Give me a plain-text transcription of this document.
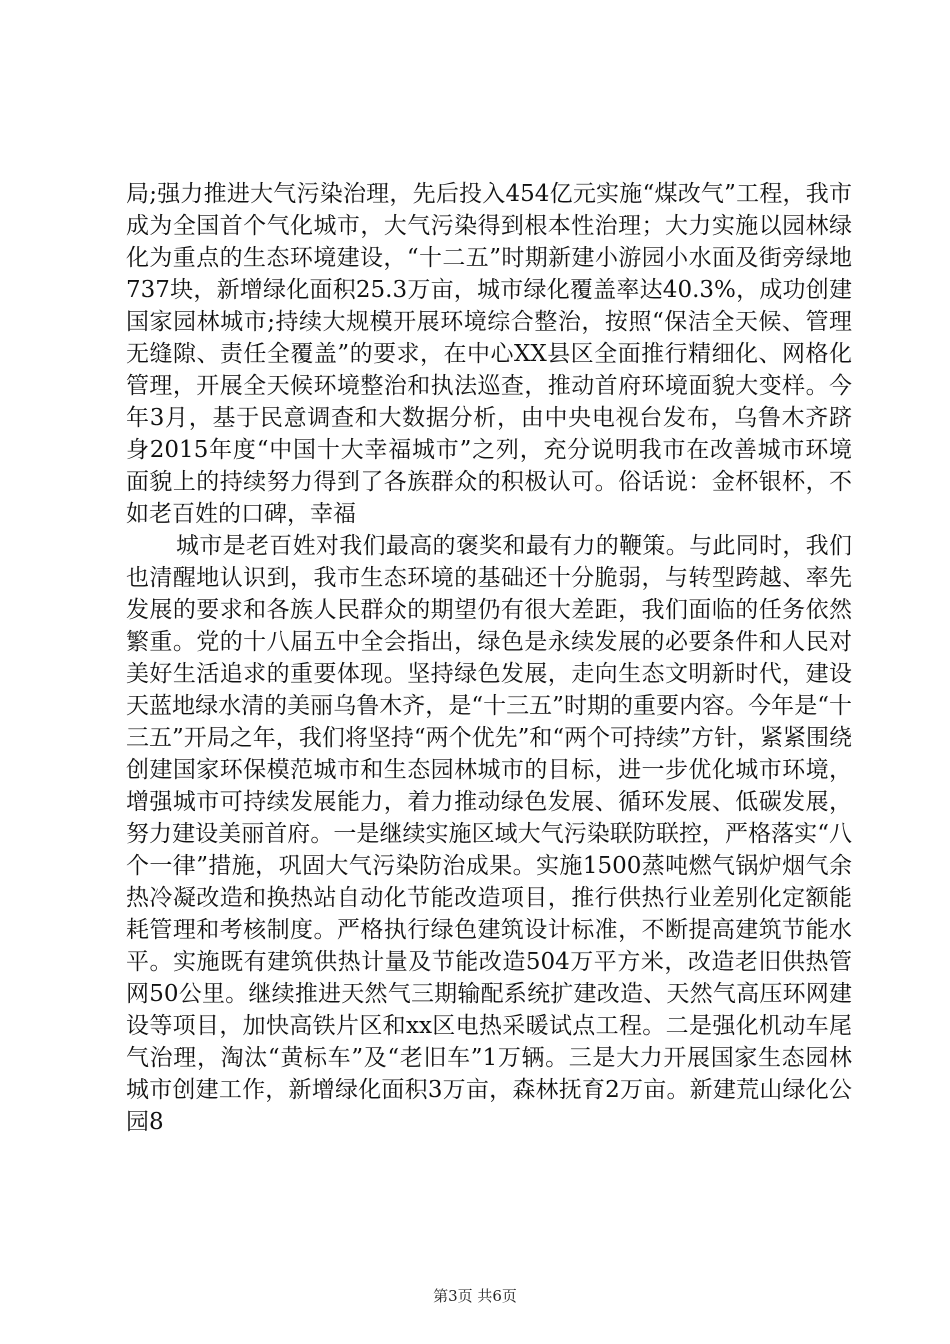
局;强力推进大气污染治理，先后投入454亿元实施“煤改气”工程，我市成为全国首个气化城市，大气污染得到根本性治理；大力实施以园林绿化为重点的生态环境建设，“十二五”时期新建小游园小水面及街旁绿地737块，新增绿化面积25.3万亩，城市绿化覆盖率达40.3%，成功创建国家园林城市;持续大规模开展环境综合整治，按照“保洁全天候、管理无缝隙、责任全覆盖”的要求，在中心XX县区全面推行精细化、网格化管理，开展全天候环境整治和执法巡查，推动首府环境面貌大变样。今年3月，基于民意调查和大数据分析，由中央电视台发布，乌鲁木齐跻身2015年度“中国十大幸福城市”之列，充分说明我市在改善城市环境面貌上的持续努力得到了各族群众的积极认可。俗话说：金杯银杯，不如老百姓的口碑，幸福

城市是老百姓对我们最高的褒奖和最有力的鞭策。与此同时，我们也清醒地认识到，我市生态环境的基础还十分脆弱，与转型跨越、率先发展的要求和各族人民群众的期望仍有很大差距，我们面临的任务依然繁重。党的十八届五中全会指出，绿色是永续发展的必要条件和人民对美好生活追求的重要体现。坚持绿色发展，走向生态文明新时代，建设天蓝地绿水清的美丽乌鲁木齐，是“十三五”时期的重要内容。今年是“十三五”开局之年，我们将坚持“两个优先”和“两个可持续”方针，紧紧围绕创建国家环保模范城市和生态园林城市的目标，进一步优化城市环境，增强城市可持续发展能力，着力推动绿色发展、循环发展、低碳发展，努力建设美丽首府。一是继续实施区域大气污染联防联控，严格落实“八个一律”措施，巩固大气污染防治成果。实施1500蒸吨燃气锅炉烟气余热冷凝改造和换热站自动化节能改造项目，推行供热行业差别化定额能耗管理和考核制度。严格执行绿色建筑设计标准，不断提高建筑节能水平。实施既有建筑供热计量及节能改造504万平方米，改造老旧供热管网50公里。继续推进天然气三期输配系统扩建改造、天然气高压环网建设等项目，加快高铁片区和xx区电热采暖试点工程。二是强化机动车尾气治理，淘汰“黄标车”及“老旧车”1万辆。三是大力开展国家生态园林城市创建工作，新增绿化面积3万亩，森林抚育2万亩。新建荒山绿化公园8

第3页 共6页
